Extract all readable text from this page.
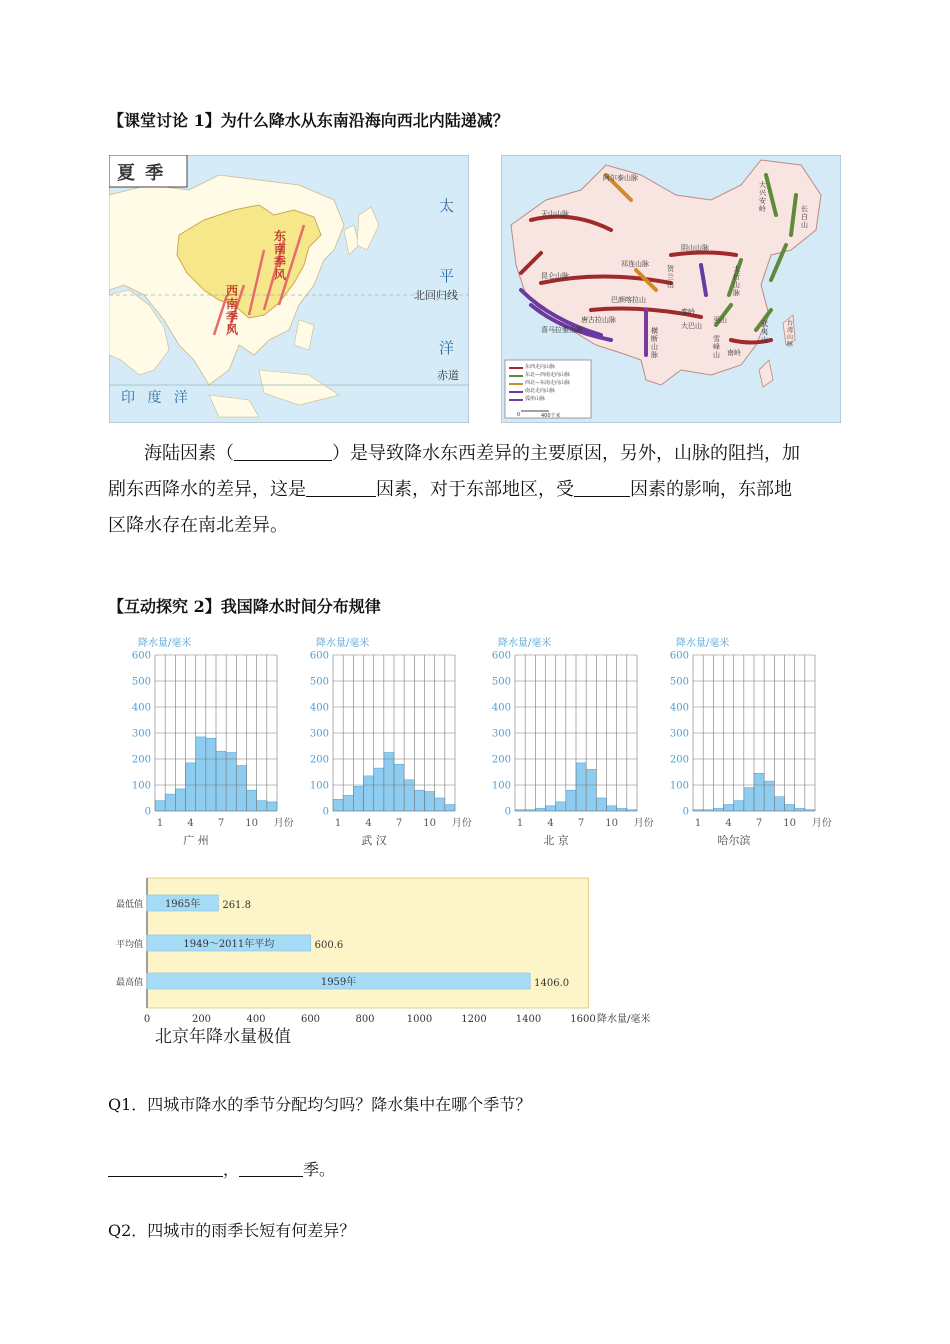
【课堂讨论 1】为什么降水从东南沿海向西北内陆递减？
夏 季
太
平
洋
北回归线
赤道
印 度 洋
东南季风
西南季风
东西走向山脉
东北—西南走向山脉
西北—东南走向山脉
南北走向山脉
弧形山脉
0	400千米
天山山脉
阿尔泰山脉
祁连山脉
阴山山脉
大兴安岭	长白山
太行山脉
昆仑山脉
秦岭
巫山
南岭
武夷山
雪峰山
喜马拉雅山脉	横断山脉
唐古拉山脉
巴颜喀拉山
大巴山
贺兰山
台湾山脉
海陆因素（	）是导致降水东西差异的主要原因，另外，山脉的阻挡，加
剧东西降水的差异，这是	因素，对于东部地区，受	因素的影响，东部地
区降水存在南北差异。
【互动探究 2】我国降水时间分布规律
降水量/毫米
0
100
200
300
400
500
600
1 4 7 10 月份
广 州
降水量/毫米
0
100
200
300
400
500
600
1 4 7 10 月份
武 汉
降水量/毫米
0
100
200
300
400
500
600
1 4 7 10 月份
北 京
降水量/毫米
0
100
200
300
400
500
600
1 4 7 10 月份
哈尔滨
最低值 1965年 261.8
平均值	1949～2011年平均	600.6
最高值	1959年	1406.0
0	200	400	600	800	1000	1200	1400	1600 降水量/毫米
北京年降水量极值
Q1．四城市降水的季节分配均匀吗？降水集中在哪个季节？
，	季。
Q2．四城市的雨季长短有何差异？
